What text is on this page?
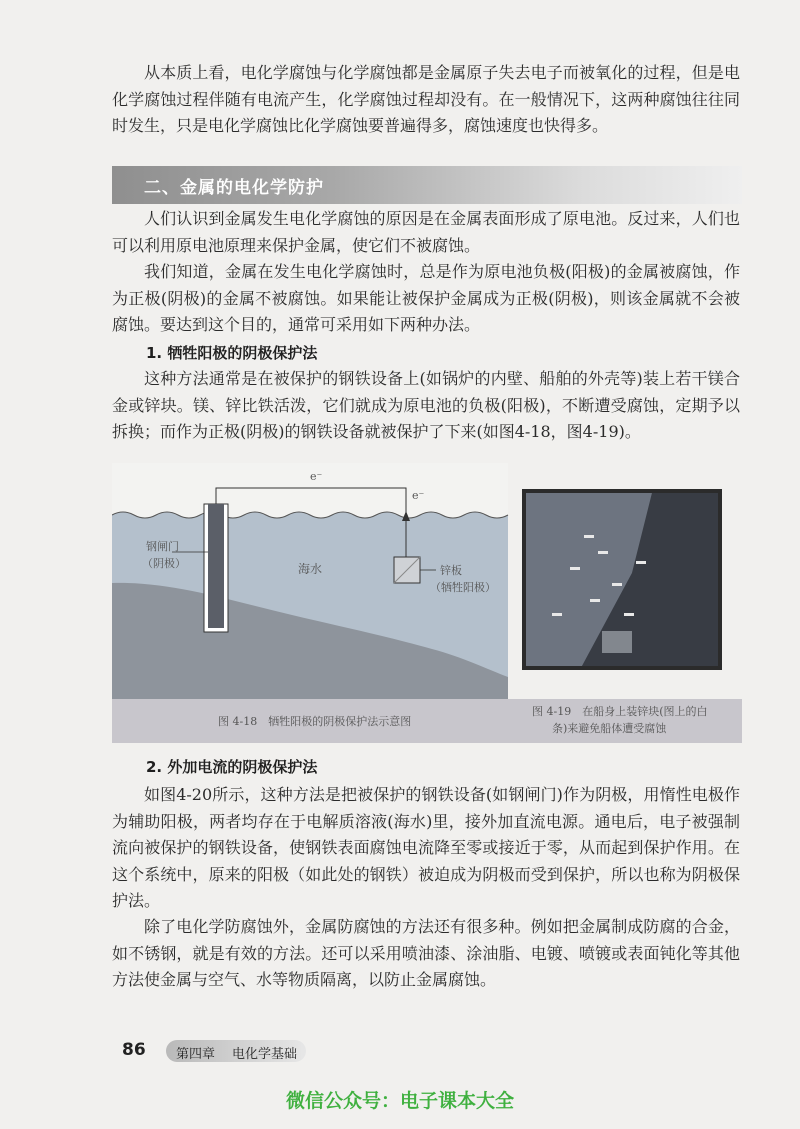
从本质上看，电化学腐蚀与化学腐蚀都是金属原子失去电子而被氧化的过程，但是电化学腐蚀过程伴随有电流产生，化学腐蚀过程却没有。在一般情况下，这两种腐蚀往往同时发生，只是电化学腐蚀比化学腐蚀要普遍得多，腐蚀速度也快得多。

二、金属的电化学防护

人们认识到金属发生电化学腐蚀的原因是在金属表面形成了原电池。反过来，人们也可以利用原电池原理来保护金属，使它们不被腐蚀。

我们知道，金属在发生电化学腐蚀时，总是作为原电池负极(阳极)的金属被腐蚀，作为正极(阴极)的金属不被腐蚀。如果能让被保护金属成为正极(阴极)，则该金属就不会被腐蚀。要达到这个目的，通常可采用如下两种办法。

1. 牺牲阳极的阴极保护法

这种方法通常是在被保护的钢铁设备上(如锅炉的内壁、船舶的外壳等)装上若干镁合金或锌块。镁、锌比铁活泼，它们就成为原电池的负极(阳极)，不断遭受腐蚀，定期予以拆换；而作为正极(阴极)的钢铁设备就被保护了下来(如图4-18，图4-19)。

e⁻
e⁻
钢闸门
（阴极）	海水	锌板
（牺牲阳极）
图 4-18　牺牲阳极的阴极保护法示意图
图 4-19　在船身上装锌块(图上的白
条)来避免船体遭受腐蚀
2. 外加电流的阴极保护法

如图4-20所示，这种方法是把被保护的钢铁设备(如钢闸门)作为阴极，用惰性电极作为辅助阳极，两者均存在于电解质溶液(海水)里，接外加直流电源。通电后，电子被强制流向被保护的钢铁设备，使钢铁表面腐蚀电流降至零或接近于零，从而起到保护作用。在这个系统中，原来的阳极（如此处的钢铁）被迫成为阴极而受到保护，所以也称为阴极保护法。

除了电化学防腐蚀外，金属防腐蚀的方法还有很多种。例如把金属制成防腐的合金，如不锈钢，就是有效的方法。还可以采用喷油漆、涂油脂、电镀、喷镀或表面钝化等其他方法使金属与空气、水等物质隔离，以防止金属腐蚀。

86 第四章 电化学基础
微信公众号：电子课本大全
